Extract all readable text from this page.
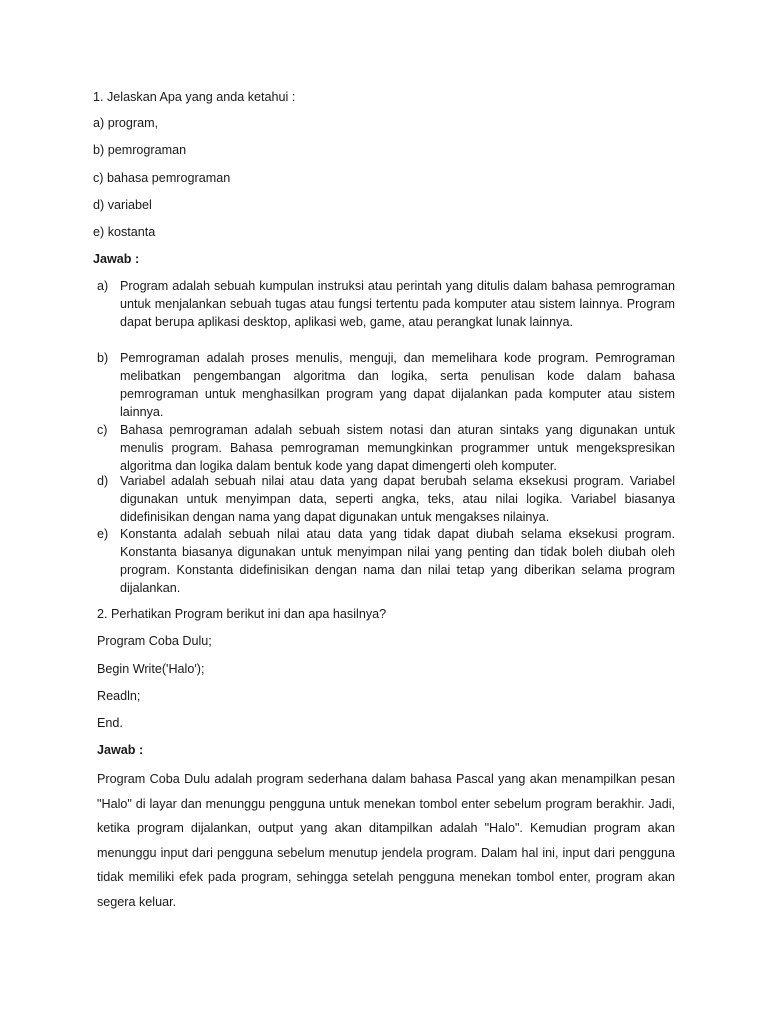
1. Jelaskan Apa yang anda ketahui :
a) program,
b) pemrograman
c) bahasa pemrograman
d) variabel
e) kostanta
Jawab :
a) Program adalah sebuah kumpulan instruksi atau perintah yang ditulis dalam bahasa pemrograman untuk menjalankan sebuah tugas atau fungsi tertentu pada komputer atau sistem lainnya. Program dapat berupa aplikasi desktop, aplikasi web, game, atau perangkat lunak lainnya.
b) Pemrograman adalah proses menulis, menguji, dan memelihara kode program. Pemrograman melibatkan pengembangan algoritma dan logika, serta penulisan kode dalam bahasa pemrograman untuk menghasilkan program yang dapat dijalankan pada komputer atau sistem lainnya.
c) Bahasa pemrograman adalah sebuah sistem notasi dan aturan sintaks yang digunakan untuk menulis program. Bahasa pemrograman memungkinkan programmer untuk mengekspresikan algoritma dan logika dalam bentuk kode yang dapat dimengerti oleh komputer.
d) Variabel adalah sebuah nilai atau data yang dapat berubah selama eksekusi program. Variabel digunakan untuk menyimpan data, seperti angka, teks, atau nilai logika. Variabel biasanya didefinisikan dengan nama yang dapat digunakan untuk mengakses nilainya.
e) Konstanta adalah sebuah nilai atau data yang tidak dapat diubah selama eksekusi program. Konstanta biasanya digunakan untuk menyimpan nilai yang penting dan tidak boleh diubah oleh program. Konstanta didefinisikan dengan nama dan nilai tetap yang diberikan selama program dijalankan.
2. Perhatikan Program berikut ini dan apa hasilnya?
Program Coba Dulu;
Begin Write('Halo');
Readln;
End.
Jawab :
Program Coba Dulu adalah program sederhana dalam bahasa Pascal yang akan menampilkan pesan "Halo" di layar dan menunggu pengguna untuk menekan tombol enter sebelum program berakhir. Jadi, ketika program dijalankan, output yang akan ditampilkan adalah "Halo". Kemudian program akan menunggu input dari pengguna sebelum menutup jendela program. Dalam hal ini, input dari pengguna tidak memiliki efek pada program, sehingga setelah pengguna menekan tombol enter, program akan segera keluar.
